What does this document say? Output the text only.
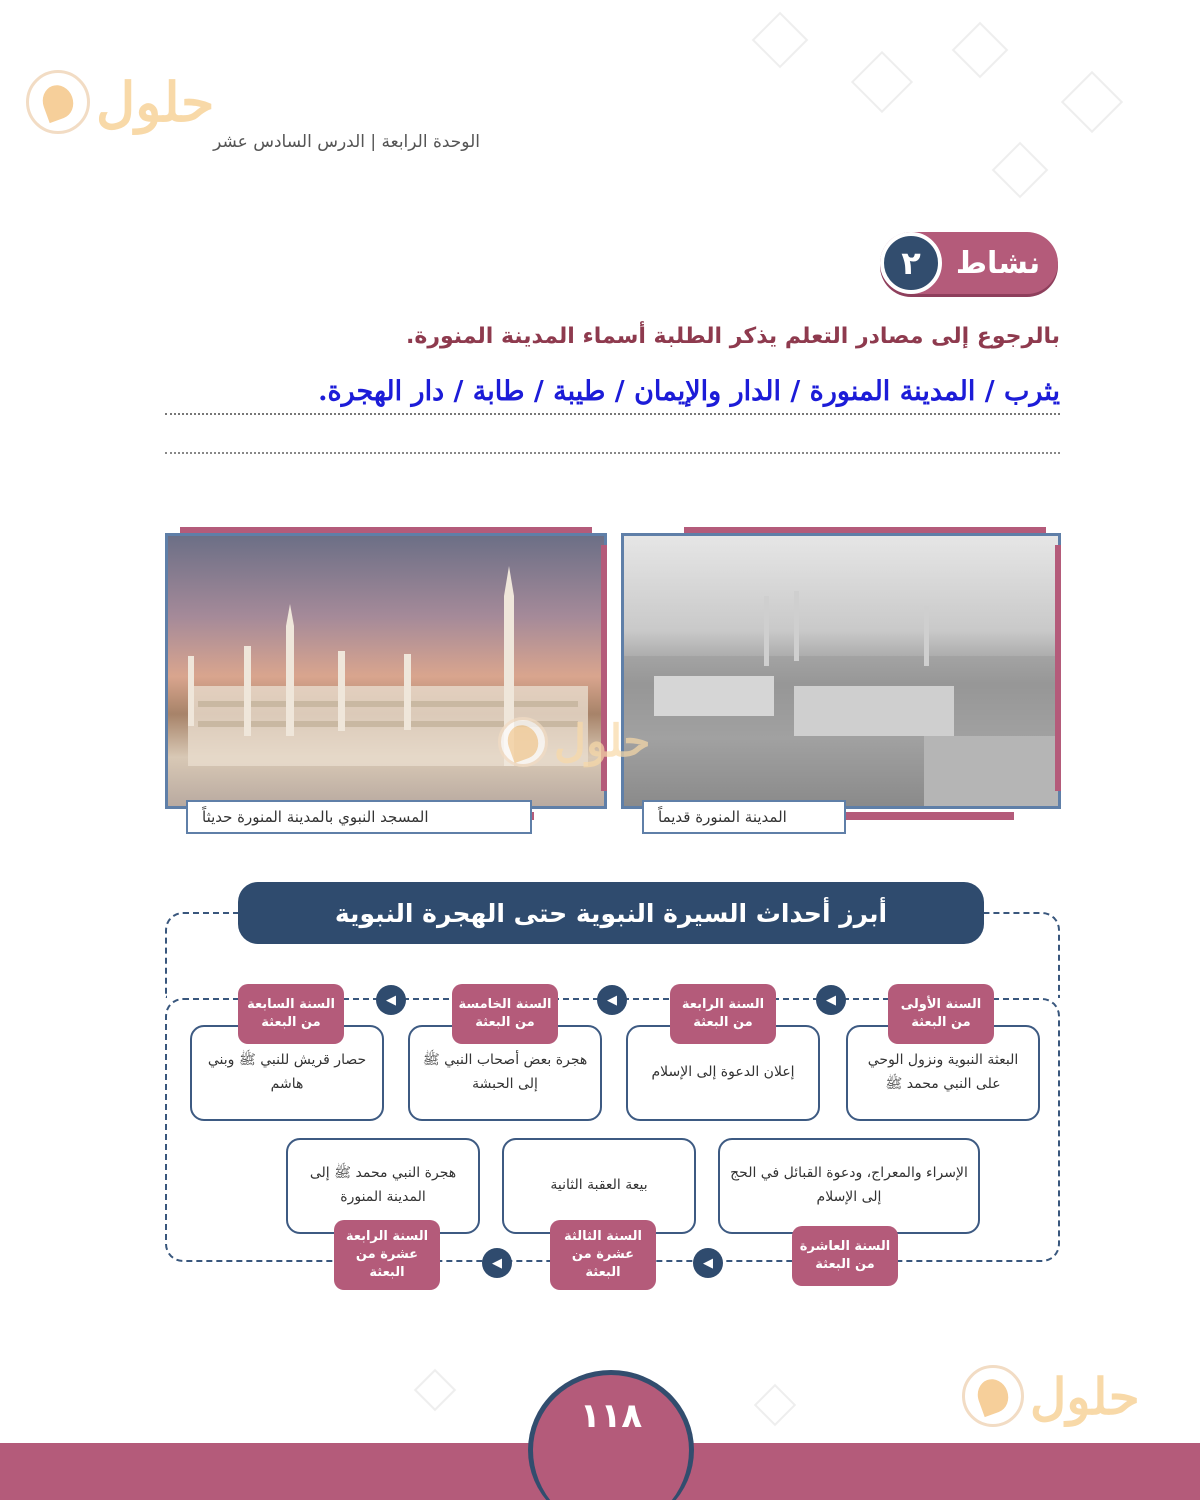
حلول
الوحدة الرابعة | الدرس السادس عشر
٢	نشاط
بالرجوع إلى مصادر التعلم يذكر الطلبة أسماء المدينة المنورة.
يثرب / المدينة المنورة / الدار والإيمان / طيبة / طابة / دار الهجرة.
المسجد النبوي بالمدينة المنورة حديثاً	المدينة المنورة قديماً
حلول
أبرز أحداث السيرة النبوية حتى الهجرة النبوية
◀	◀	◀
البعثة النبوية ونزول الوحي على النبي محمد ﷺ
إعلان الدعوة إلى الإسلام
هجرة بعض أصحاب النبي ﷺ إلى الحبشة
حصار قريش للنبي ﷺ وبني هاشم
السنة الأولى من البعثة
السنة الرابعة من البعثة
السنة الخامسة من البعثة
السنة السابعة من البعثة
الإسراء والمعراج، ودعوة القبائل في الحج إلى الإسلام
بيعة العقبة الثانية
هجرة النبي محمد ﷺ إلى المدينة المنورة
◀
◀
السنة العاشرة من البعثة
السنة الثالثة عشرة من البعثة
السنة الرابعة عشرة من البعثة
حلول
١١٨
